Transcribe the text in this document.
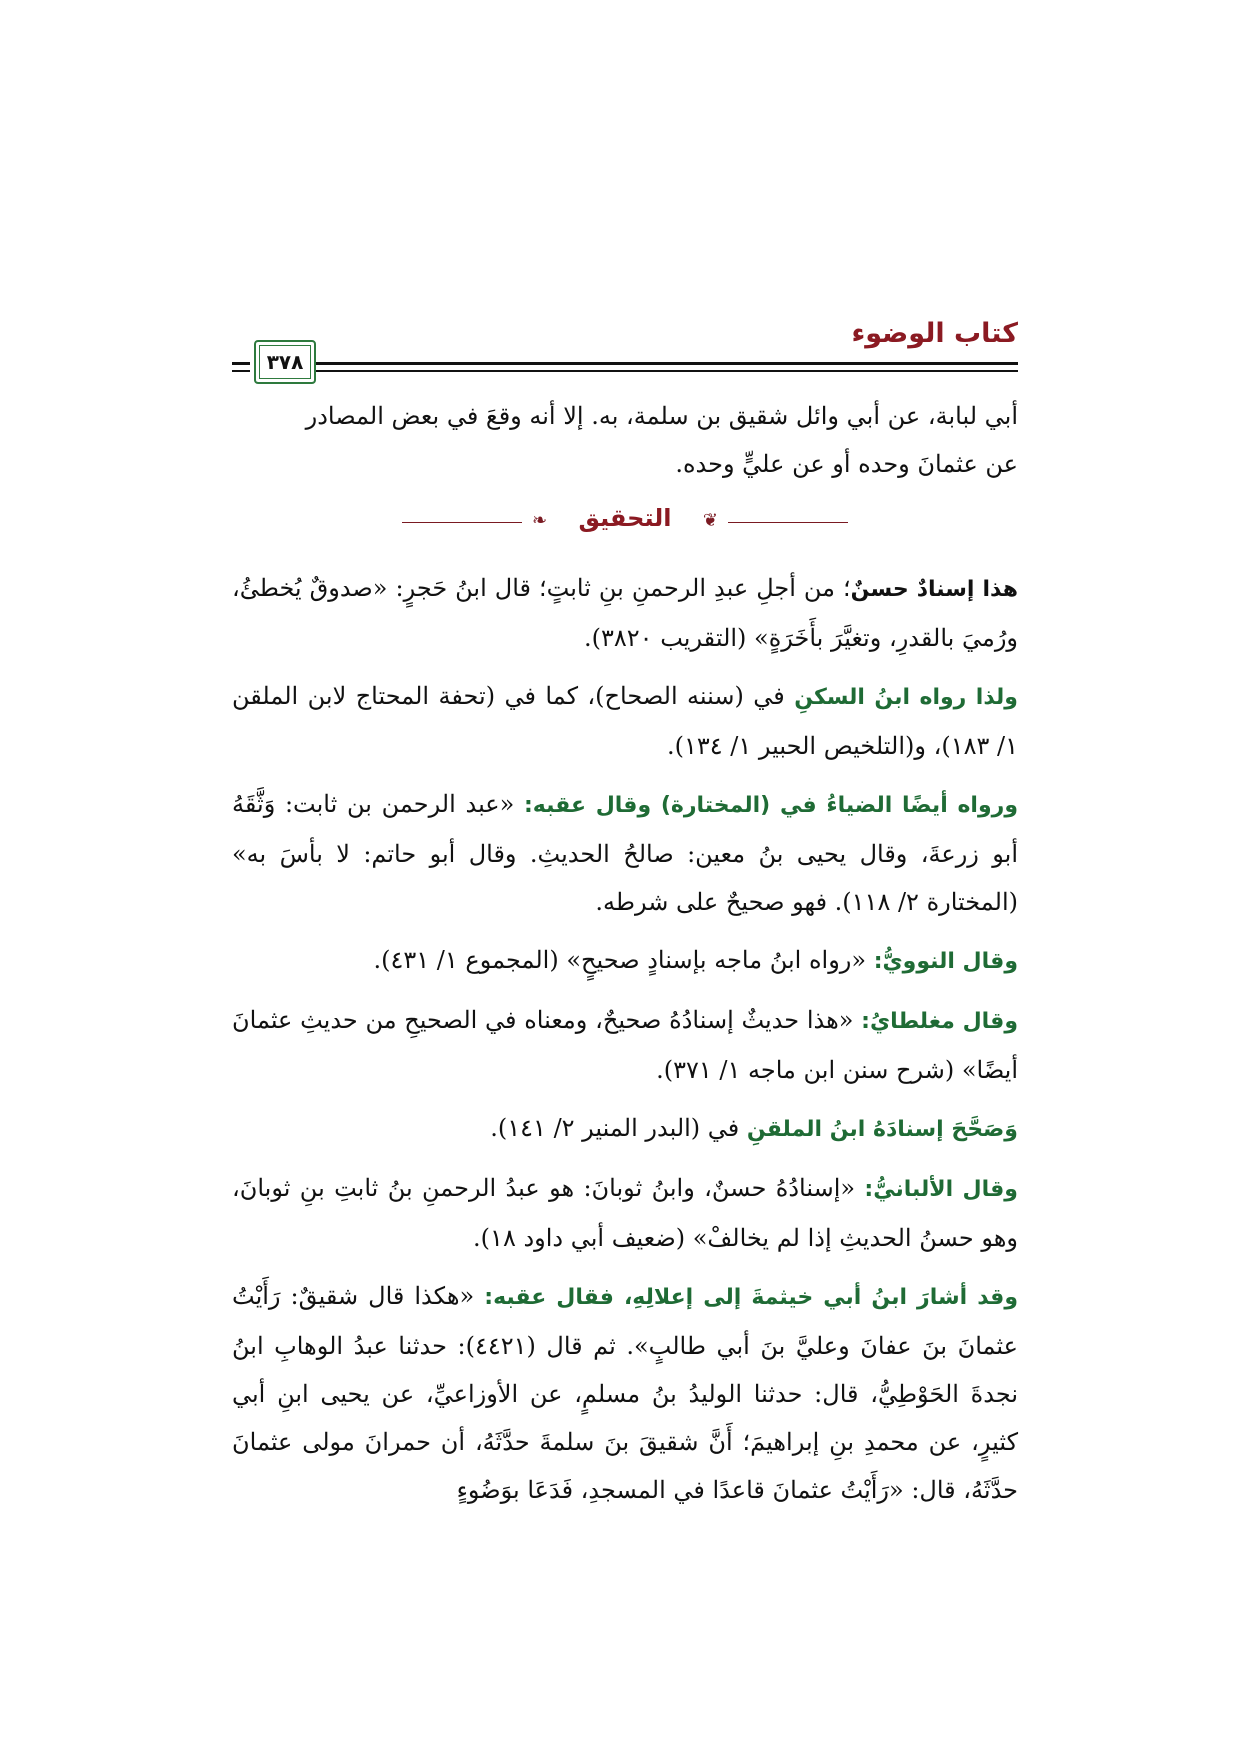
كتاب الوضوء
٣٧٨

أبي لبابة، عن أبي وائل شقيق بن سلمة، به. إلا أنه وقعَ في بعض المصادر
عن عثمانَ وحده أو عن عليٍّ وحده.

❦
التحقيق
❧

هذا إسنادٌ حسنٌ؛ من أجلِ عبدِ الرحمنِ بنِ ثابتٍ؛ قال ابنُ حَجرٍ: «صدوقٌ يُخطئُ، ورُميَ بالقدرِ، وتغيَّرَ بأَخَرَةٍ» (التقريب ٣٨٢٠).

ولذا رواه ابنُ السكنِ في (سننه الصحاح)، كما في (تحفة المحتاج لابن الملقن ١/ ١٨٣)، و(التلخيص الحبير ١/ ١٣٤).

ورواه أيضًا الضياءُ في (المختارة) وقال عقبه: «عبد الرحمن بن ثابت: وَثَّقَهُ أبو زرعةَ، وقال يحيى بنُ معين: صالحُ الحديثِ. وقال أبو حاتم: لا بأسَ به» (المختارة ٢/ ١١٨). فهو صحيحٌ على شرطه.

وقال النوويُّ: «رواه ابنُ ماجه بإسنادٍ صحيحٍ» (المجموع ١/ ٤٣١).

وقال مغلطايُ: «هذا حديثٌ إسنادُهُ صحيحٌ، ومعناه في الصحيحِ من حديثِ عثمانَ أيضًا» (شرح سنن ابن ماجه ١/ ٣٧١).

وَصَحَّحَ إسنادَهُ ابنُ الملقنِ في (البدر المنير ٢/ ١٤١).

وقال الألبانيُّ: «إسنادُهُ حسنٌ، وابنُ ثوبانَ: هو عبدُ الرحمنِ بنُ ثابتِ بنِ ثوبانَ، وهو حسنُ الحديثِ إذا لم يخالفْ» (ضعيف أبي داود ١٨).

وقد أشارَ ابنُ أبي خيثمةَ إلى إعلالِهِ، فقال عقبه: «هكذا قال شقيقٌ: رَأَيْتُ عثمانَ بنَ عفانَ وعليَّ بنَ أبي طالبٍ». ثم قال (٤٤٢١): حدثنا عبدُ الوهابِ ابنُ نجدةَ الحَوْطِيُّ، قال: حدثنا الوليدُ بنُ مسلمٍ، عن الأوزاعيِّ، عن يحيى ابنِ أبي كثيرٍ، عن محمدِ بنِ إبراهيمَ؛ أَنَّ شقيقَ بنَ سلمةَ حدَّثَهُ، أن حمرانَ مولى عثمانَ حدَّثَهُ، قال: «رَأَيْتُ عثمانَ قاعدًا في المسجدِ، فَدَعَا بوَضُوءٍ
